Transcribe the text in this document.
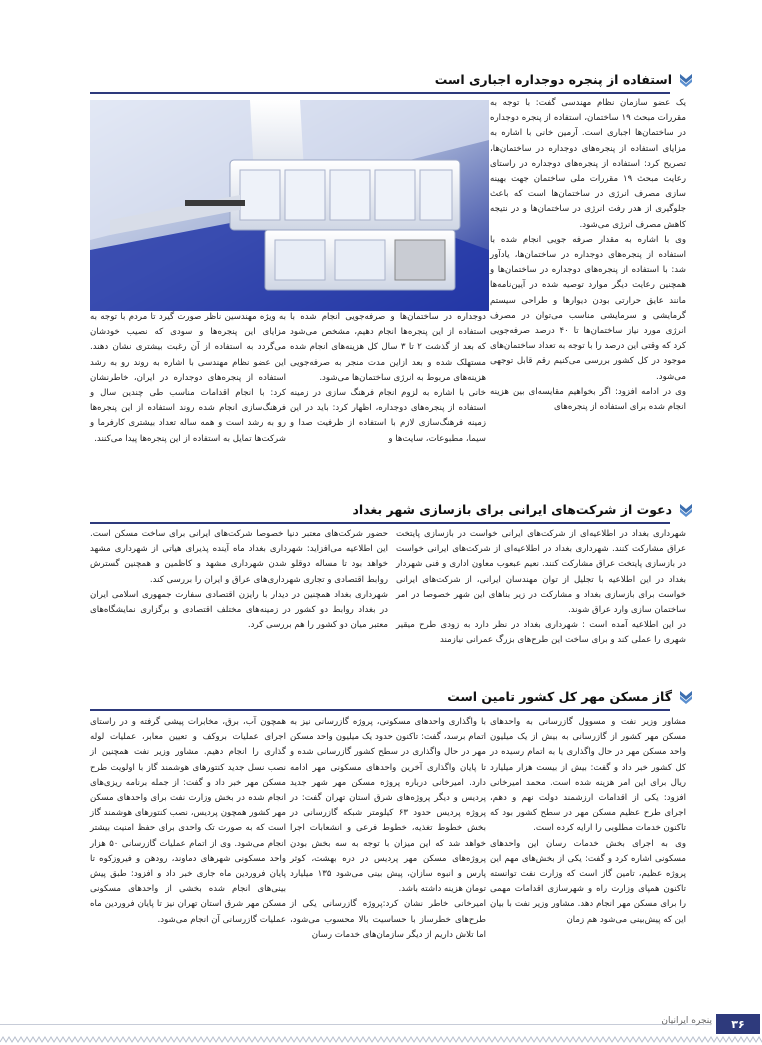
استفاده از پنجره دوجداره اجباری است

یک عضو سازمان نظام مهندسی گفت: با توجه به مقررات مبحث ۱۹ ساختمان، استفاده از پنجره دوجداره در ساختمان‌ها اجباری است. آرمین خانی با اشاره به مزایای استفاده از پنجره‌های دوجداره در ساختمان‌ها، تصریح کرد: استفاده از پنجره‌های دوجداره در راستای رعایت مبحث ۱۹ مقررات ملی ساختمان جهت بهینه سازی مصرف انرژی در ساختمان‌ها است که باعث جلوگیری از هدر رفت انرژی در ساختمان‌ها و در نتیجه کاهش مصرف انرژی می‌شود.

وی با اشاره به مقدار صرفه جویی انجام شده با استفاده از پنجره‌های دوجداره در ساختمان‌ها، یادآور شد: با استفاده از پنجره‌های دوجداره در ساختمان‌ها و همچنین رعایت دیگر موارد توصیه شده در آیین‌نامه‌ها مانند عایق حرارتی بودن دیوارها و طراحی سیستم گرمایشی و سرمایشی مناسب می‌توان در مصرف انرژی مورد نیاز ساختمان‌ها تا ۴۰ درصد صرفه‌جویی کرد که وقتی این درصد را با توجه به تعداد ساختمان‌های موجود در کل کشور بررسی می‌کنیم رقم قابل توجهی می‌شود.

وی در ادامه افزود: اگر بخواهیم مقایسه‌ای بین هزینه انجام شده برای استفاده از پنجره‌های

دوجداره در ساختمان‌ها و صرفه‌جویی انجام شده با استفاده از این پنجره‌ها انجام دهیم، مشخص می‌شود که بعد از گذشت ۲ تا ۳ سال کل هزینه‌های انجام شده مستهلک شده و بعد ازاین مدت منجر به صرفه‌جویی هزینه‌های مربوط به انرژی ساختمان‌ها می‌شود.

خانی با اشاره به لزوم انجام فرهنگ سازی در زمینه استفاده از پنجره‌های دوجداره، اظهار کرد: باید در این زمینه فرهنگ‌سازی لازم با استفاده از ظرفیت صدا و سیما، مطبوعات، سایت‌ها و

به ویژه مهندسین ناظر صورت گیرد تا مردم با توجه به مزایای این پنجره‌ها و سودی که نصیب خودشان می‌گردد به استفاده از آن رغبت بیشتری نشان دهند. این عضو نظام مهندسی با اشاره به روند رو به رشد استفاده از پنجره‌های دوجداره در ایران، خاطرنشان کرد: با انجام اقدامات مناسب طی چندین سال و فرهنگ‌سازی انجام شده روند استفاده از این پنجره‌ها رو به رشد است و همه ساله تعداد بیشتری کارفرما و شرکت‌ها تمایل به استفاده از این پنجره‌ها پیدا می‌کنند.

دعوت از شرکت‌های ایرانی برای بازسازی شهر بغداد

شهرداری بغداد در اطلاعیه‌ای از شرکت‌های ایرانی خواست در بازسازی پایتخت عراق مشارکت کنند. شهرداری بغداد در اطلاعیه‌ای از شرکت‌های ایرانی خواست در بازسازی پایتخت عراق مشارکت کنند. نعیم عبعوب معاون اداری و فنی شهردار بغداد در این اطلاعیه با تجلیل از توان مهندسان ایرانی، از شرکت‌های ایرانی خواست برای بازسازی بغداد و مشارکت در زیر بناهای این شهر خصوصا در امر ساختمان سازی وارد عراق شوند.

در این اطلاعیه آمده است : شهرداری بغداد در نظر دارد به زودی طرح میقیر شهری را عملی کند و برای ساخت این طرح‌های بزرگ عمرانی نیازمند

حضور شرکت‌های معتبر دنیا خصوصا شرکت‌های ایرانی برای ساخت مسکن است. این اطلاعیه می‌افزاید: شهرداری بغداد ماه آینده پذیرای هیاتی از شهرداری مشهد خواهد بود تا مساله دوقلو شدن شهرداری مشهد و کاظمین و همچنین گسترش روابط اقتصادی و تجاری شهرداری‌های عراق و ایران را بررسی کند.

شهرداری بغداد همچنین در دیدار با رایزن اقتصادی سفارت جمهوری اسلامی ایران در بغداد روابط دو کشور در زمینه‌های مختلف اقتصادی و برگزاری نمایشگاه‌های معتبر میان دو کشور را هم بررسی کرد.

گاز مسکن مهر کل کشور تامین است

مشاور وزیر نفت و مسوول گازرسانی به واحدهای مسکن مهر کشور از گازرسانی به بیش از یک میلیون واحد مسکن مهر در حال واگذاری یا به اتمام رسیده در کل کشور خبر داد و گفت: بیش از بیست هزار میلیارد ریال برای این امر هزینه شده است. محمد امیرخانی افزود: یکی از اقدامات ارزشمند دولت نهم و دهم، اجرای طرح عظیم مسکن مهر در سطح کشور بود که تاکنون خدمات مطلوبی را ارایه کرده است.

وی به اجرای بخش خدمات رسان این واحدهای مسکونی اشاره کرد و گفت: یکی از بخش‌های مهم این پروژه عظیم، تامین گاز است که وزارت نفت توانسته تاکنون همپای وزارت راه و شهرسازی اقدامات مهمی را برای مسکن مهر انجام دهد. مشاور وزیر نفت با بیان این که پیش‌بینی می‌شود هم زمان

با واگذاری واحدهای مسکونی، پروژه گازرسانی نیز به اتمام برسد، گفت: تاکنون حدود یک میلیون واحد مسکن مهر در حال واگذاری در سطح کشور گازرسانی شده و تا پایان واگذاری آخرین واحدهای مسکونی مهر ادامه دارد. امیرخانی درباره پروژه مسکن مهر شهر جدید پردیس و دیگر پروژه‌های شرق استان تهران گفت: در پروژه پردیس حدود ۶۳ کیلومتر شبکه گازرسانی در بخش خطوط تغذیه، خطوط فرعی و انشعابات اجرا خواهد شد که این میزان با توجه به سه بخش بودن پروژه‌های مسکن مهر پردیس در دره بهشت، کوثر پارس و انبوه سازان، پیش بینی می‌شود ۱۳۵ میلیارد تومان هزینه داشته باشد.

امیرخانی خاطر نشان کرد:پروژه گازرسانی یکی از طرح‌های خطرساز با حساسیت بالا محسوب می‌شود، اما تلاش داریم از دیگر سازمان‌های خدمات رسان

همچون آب، برق، مخابرات پیشی گرفته و در راستای اجرای عملیات بروکف و تعیین معابر، عملیات لوله گذاری را انجام دهیم. مشاور وزیر نفت همچنین از نصب نسل جدید کنتورهای هوشمند گاز با اولویت طرح مسکن مهر خبر داد و گفت: از جمله برنامه ریزی‌های انجام شده در بخش وزارت نفت برای واحدهای مسکن مهر کشور همچون پردیس، نصب کنتورهای هوشمند گاز است که به صورت تک واحدی برای حفظ امنیت بیشتر انجام می‌شود. وی از اتمام عملیات گازرسانی ۵۰ هزار واحد مسکونی شهرهای دماوند، رودهن و فیروزکوه تا پایان فروردین ماه جاری خبر داد و افزود: طبق پیش بینی‌های انجام شده بخشی از واحدهای مسکونی مسکن مهر شرق استان تهران نیز تا پایان فروردین ماه عملیات گازرسانی آن انجام می‌شود.

۳۶
پنجره ایرانیان
